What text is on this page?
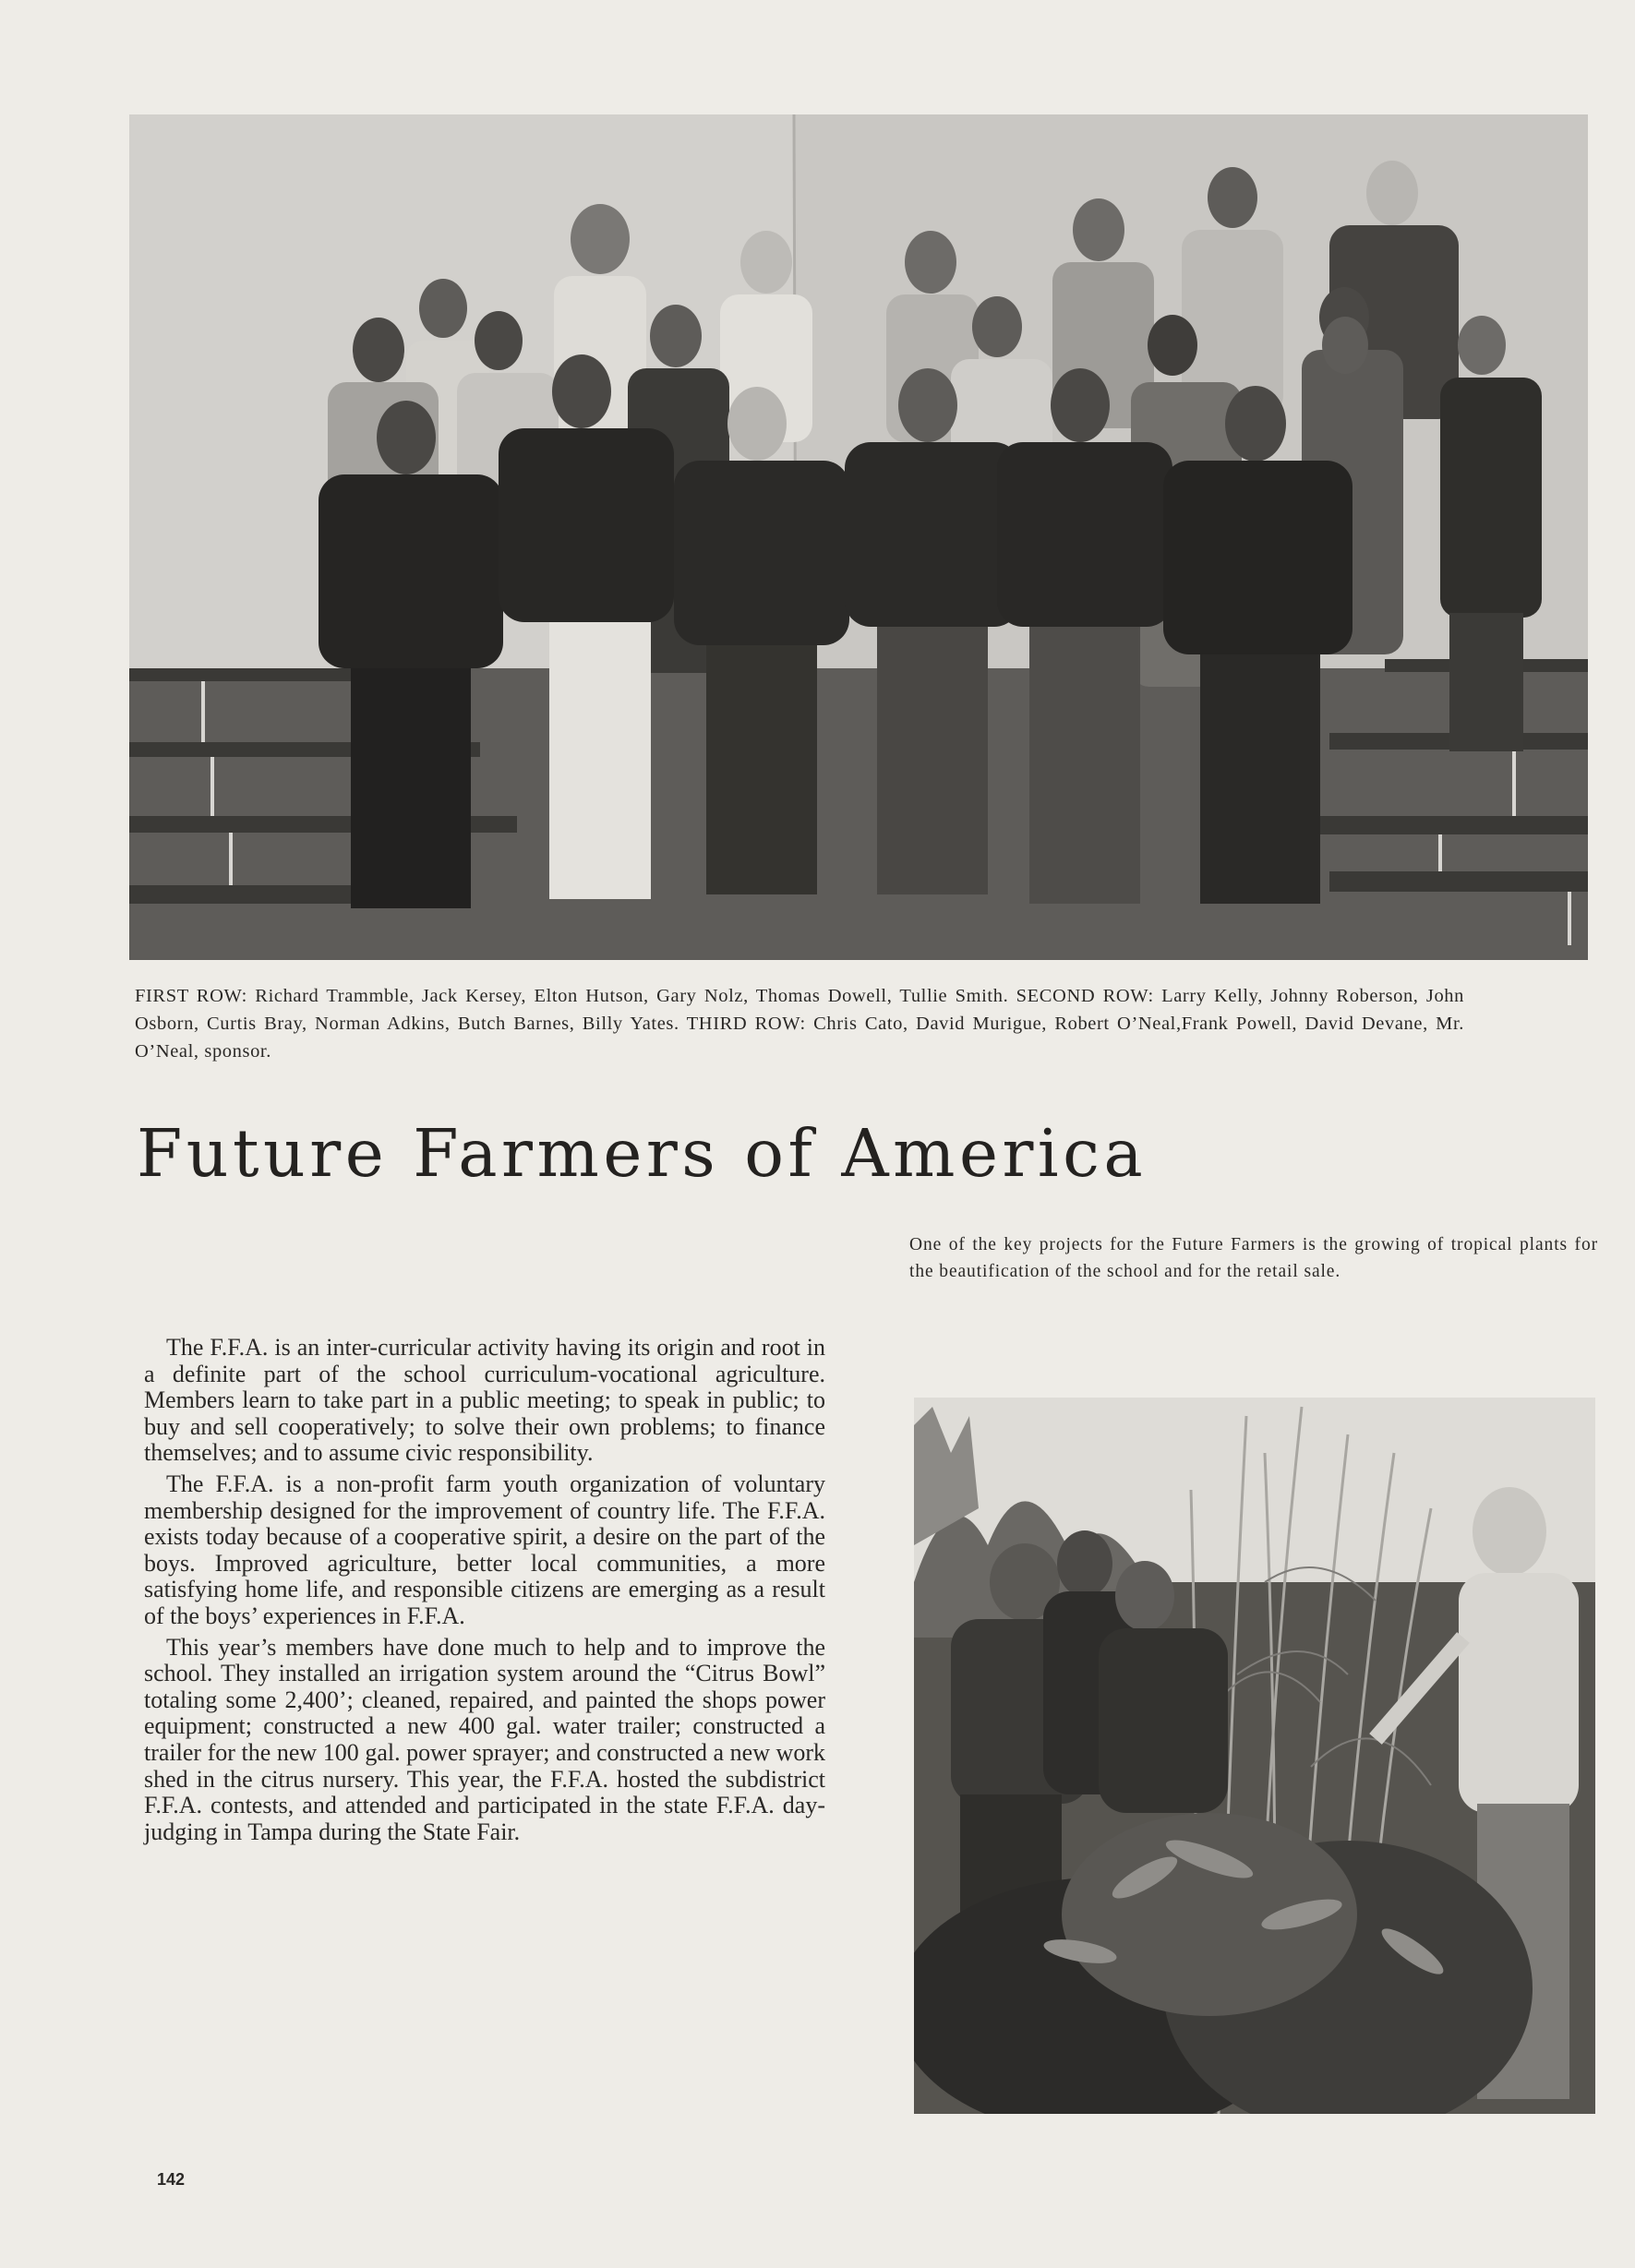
FIRST ROW: Richard Trammble, Jack Kersey, Elton Hutson, Gary Nolz, Thomas Dowell, Tullie Smith. SECOND ROW: Larry Kelly, Johnny Roberson, John Osborn, Curtis Bray, Norman Adkins, Butch Barnes, Billy Yates. THIRD ROW: Chris Cato, David Murigue, Robert O’Neal,Frank Powell, David Devane, Mr. O’Neal, sponsor.

Future Farmers of America

One of the key projects for the Future Farmers is the growing of tropical plants for the beautification of the school and for the retail sale.

The F.F.A. is an inter-curricular activity having its origin and root in a definite part of the school curriculum-vocational agriculture. Members learn to take part in a public meeting; to speak in public; to buy and sell cooperatively; to solve their own problems; to finance themselves; and to assume civic responsibility.

The F.F.A. is a non-profit farm youth organization of voluntary membership designed for the improvement of country life. The F.F.A. exists today because of a cooperative spirit, a desire on the part of the boys. Improved agriculture, better local communities, a more satisfying home life, and responsible citizens are emerging as a result of the boys’ experiences in F.F.A.

This year’s members have done much to help and to improve the school. They installed an irrigation system around the “Citrus Bowl” totaling some 2,400’; cleaned, repaired, and painted the shops power equipment; constructed a new 400 gal. water trailer; constructed a trailer for the new 100 gal. power sprayer; and constructed a new work shed in the citrus nursery. This year, the F.F.A. hosted the subdistrict F.F.A. contests, and attended and participated in the state F.F.A. day-judging in Tampa during the State Fair.

142
